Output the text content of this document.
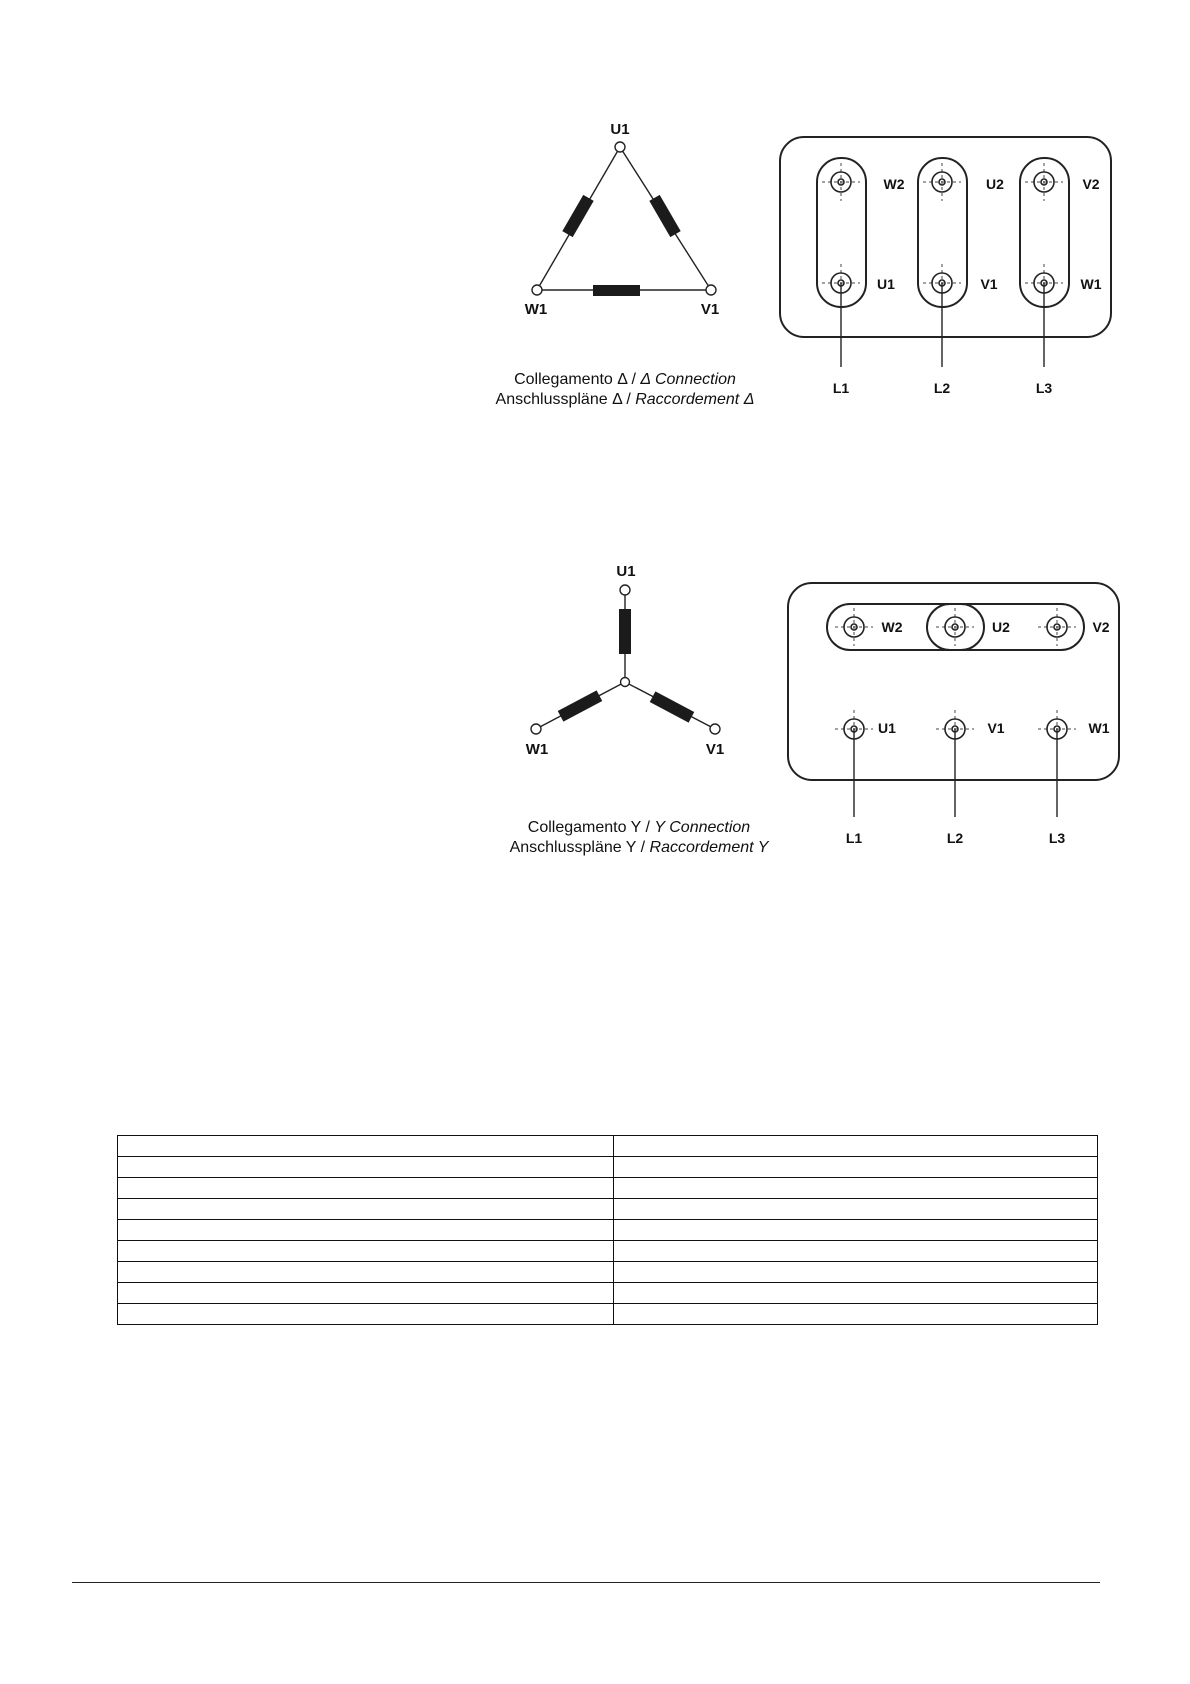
U1
W1	V1
Collegamento Δ / Δ Connection
Anschlusspläne Δ / Raccordement Δ
W2	U2	V2
U1	V1	W1
L1	L2	L3
U1
W1	V1
Collegamento Y / Y Connection
Anschlusspläne Y / Raccordement Y
W2	U2	V2
U1	V1	W1
L1	L2	L3
